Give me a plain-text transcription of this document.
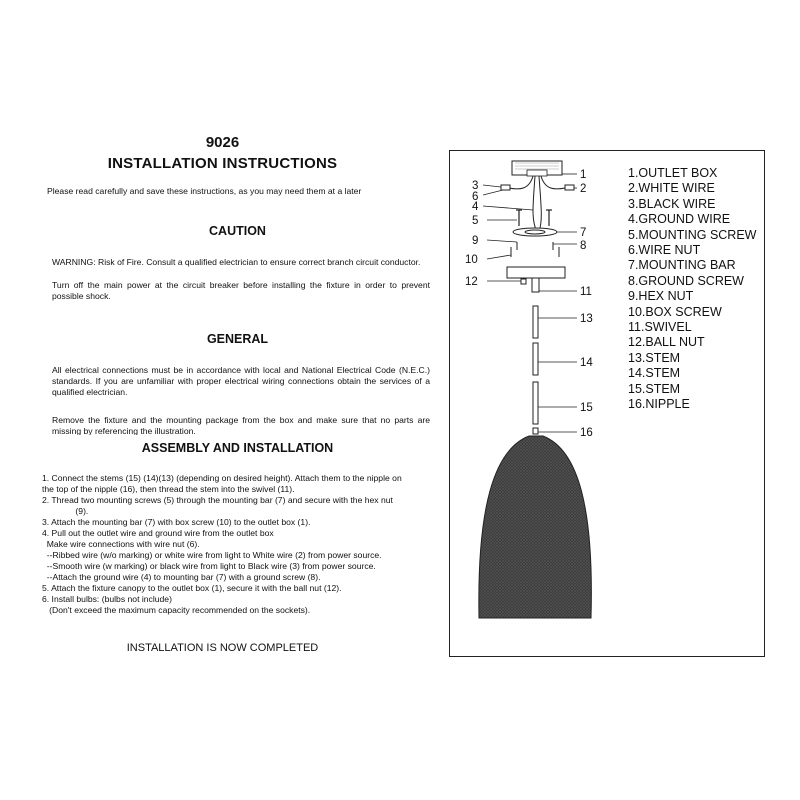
9026
INSTALLATION INSTRUCTIONS
Please read carefully and save these instructions, as you may need them at a later
CAUTION
WARNING: Risk of Fire. Consult a qualified electrician to ensure correct branch circuit conductor.
Turn off the main power at the circuit breaker before installing the fixture in order to prevent possible shock.
GENERAL
All electrical connections must be in accordance with local and National Electrical Code (N.E.C.) standards. If you are unfamiliar with proper electrical wiring connections obtain the services of a qualified electrician.
Remove the fixture and the mounting package from the box and make sure that no parts are missing by referencing the illustration.
ASSEMBLY AND INSTALLATION
1. Connect the stems (15) (14)(13) (depending on desired height). Attach them to the nipple on
the top of the nipple (16), then thread the stem into the swivel (11).
2. Thread two mounting screws (5) through the mounting bar (7) and secure with the hex nut
(9).
3. Attach the mounting bar (7) with box screw (10) to the outlet box (1).
4. Pull out the outlet wire and ground wire from the outlet box
Make wire connections with wire nut (6).
--Ribbed wire (w/o marking) or white wire from light to White wire (2) from power source.
--Smooth wire (w marking) or black wire from light to Black wire (3) from power source.
--Attach the ground wire (4) to mounting bar (7) with a ground screw (8).
5. Attach the fixture canopy to the outlet box (1), secure it with the ball nut (12).
6. Install bulbs: (bulbs not include)
(Don't exceed the maximum capacity recommended on the sockets).
INSTALLATION IS NOW COMPLETED
1
2
3
4
5
6
7
8
9
10
12
11
13
14
15
16
1.OUTLET BOX
2.WHITE WIRE
3.BLACK WIRE
4.GROUND WIRE
5.MOUNTING SCREW
6.WIRE NUT
7.MOUNTING BAR
8.GROUND SCREW
9.HEX NUT
10.BOX SCREW
11.SWIVEL
12.BALL NUT
13.STEM
14.STEM
15.STEM
16.NIPPLE
